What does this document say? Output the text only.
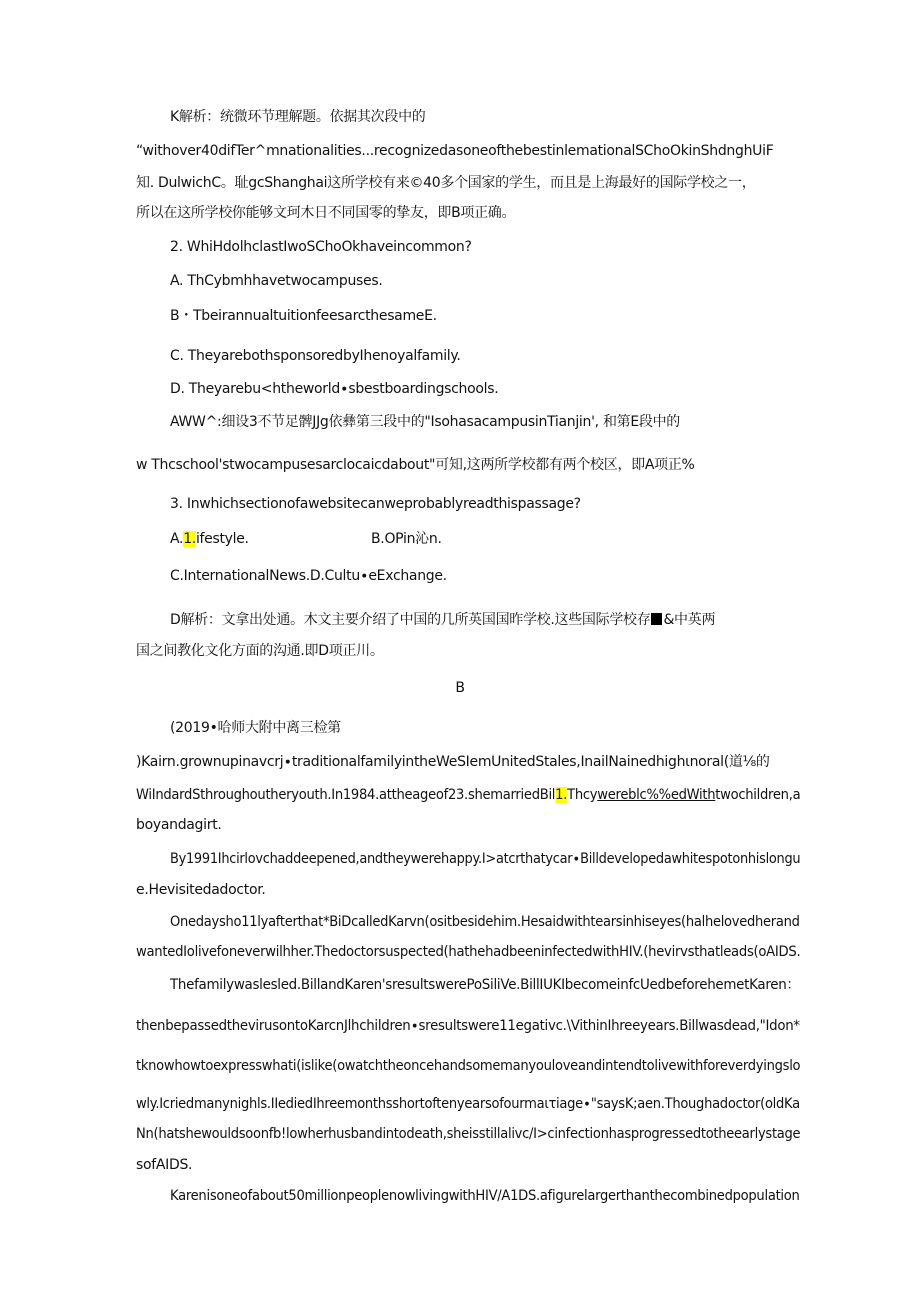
K解析：统微环节理解题。依据其次段中的
“withover40difTer^mnationalities...recognizedasoneofthebestinlemationalSChoOkinShdnghUiF
知. DulwichC。耻gcShanghai这所学校有来©40多个国家的学生，而且是上海最好的国际学校之一，
所以在这所学校你能够文珂木日不同国零的挚友，即B项正确。
2. WhiHdolhclastIwoSChoOkhaveincommon?
A. ThCybmhhavetwocampuses.
B・TbeirannualtuitionfeesarcthesameE.
C. TheyarebothsponsoredbyIhenoyalfamily.
D. Theyarebu<htheworld∙sbestboardingschools.
AWW^:细设3不节足髀JJg依彝第三段中的"IsohasacampusinTianjin', 和第E段中的
w Thcschool'stwocampusesarclocaicdabout"可知,这两所学校都有两个校区，即A项正%
3. Inwhichsectionofawebsitecanweprobablyreadthispassage?
A.1.ifestyle.	B.OPin沁n.
C.InternationalNews.D.Cultu∙eExchange.
D解析：文拿出处通。木文主要介绍了中国的几所英国国昨学校.这些国际学校存 &中英两
国之间教化文化方面的沟通.即D项正川。
B
(2019•哈师大附中离三检第
)Kairn.grownupinavcrj∙traditionalfamilyintheWeSIemUnitedStales,InailNainedhighιnoral(道⅛的
WiIndardSthroughoutheryouth.In1984.attheageof23.shemarriedBil1.Thcywereblc%%edWithtwochildren,a
boyandagirt.
By1991Ihcirlovchaddeepened,andtheywerehappy.I>atcrthatycar∙Billdevelopedawhitespotonhislongu
e.Hevisitedadoctor.
Onedaysho11lyafterthat*BiDcalledKarvn(ositbesidehim.Hesaidwithtearsinhiseyes(halhelovedherand
wantedIolivefoneverwilhher.Thedoctorsuspected(hathehadbeeninfectedwithHIV.(hevirvsthatleads(oAIDS.
Thefamilywaslesled.BillandKaren'sresultswerePoSiliVe.BillIUKIbecomeinfcUedbeforehemetKaren：
thenbepassedthevirusontoKarcnJlhchildren∙sresultswere11egativc.\VithinIhreeyears.Billwasdead,"Idon*
tknowhowtoexpresswhati(islike(owatchtheoncehandsomemanyouloveandintendtolivewithforeverdyingslo
wly.Icriedmanynighls.IIediedIhreemonthsshortoftenyearsofourmaιτiage∙"saysK;aen.Thoughadoctor(oldKa
Nn(hatshewouldsoonfb!lowherhusbandintodeath,sheisstillalivc/I>cinfectionhasprogressedtotheearlystage
sofAIDS.
Karenisoneofabout50millionpeoplenowlivingwithHIV/A1DS.afigurelargerthanthecombinedpopulation
